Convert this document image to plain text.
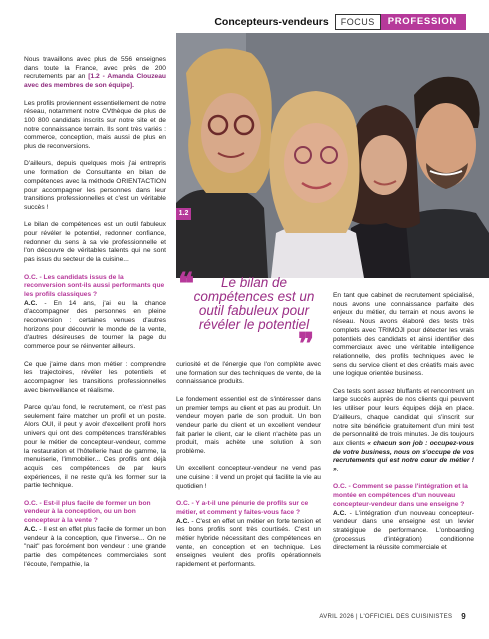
Concepteurs-vendeurs	FOCUS	PROFESSION
1.2
❝	Le bilan de compétences est un outil fabuleux pour révéler le potentiel
❞

Nous travaillons avec plus de 556 enseignes dans toute la France, avec près de 200 recrutements par an [1.2 - Amanda Clouzeau avec des membres de son équipe].

Les profils proviennent essentiellement de notre réseau, notamment notre CVthèque de plus de 100 800 candidats inscrits sur notre site et de notre connaissance terrain. Ils sont très variés : commerce, conception, mais aussi de plus en plus de reconversions.

D'ailleurs, depuis quelques mois j'ai entrepris une formation de Consultante en bilan de compétences avec la méthode ORIENTACTION pour accompagner les personnes dans leur transitions professionnelles et c'est un véritable succès !

Le bilan de compétences est un outil fabuleux pour révéler le potentiel, redonner confiance, redonner du sens à sa vie professionnelle et l'on découvre de véritables talents qui ne sont pas issus du secteur de la cuisine...

O.C. - Les candidats issus de la reconversion sont-ils aussi performants que les profils classiques ?

A.C. - En 14 ans, j'ai eu la chance d'accompagner des personnes en pleine reconversion : certaines venues d'autres horizons pour découvrir le monde de la vente, d'autres désireuses de tourner la page du commerce pour se réinventer ailleurs.

Ce que j'aime dans mon métier : comprendre les trajectoires, révéler les potentiels et accompagner les transitions professionnelles avec bienveillance et réalisme.

Parce qu'au fond, le recrutement, ce n'est pas seulement faire matcher un profil et un poste. Alors OUI, il peut y avoir d'excellent profil hors univers qui ont des compétences transférables pour le métier de concepteur-vendeur, comme la restauration et l'hôtellerie haut de gamme, la menuiserie, l'immobilier... Ces profils ont déjà acquis ces compétences de par leurs expériences, il ne reste qu'à les former sur la partie technique.

O.C. - Est-il plus facile de former un bon vendeur à la conception, ou un bon concepteur à la vente ?

A.C. - Il est en effet plus facile de former un bon vendeur à la conception, que l'inverse... On ne "nait" pas forcément bon vendeur : une grande partie des compétences commerciales sont l'écoute, l'empathie, la

curiosité et de l'énergie que l'on complète avec une formation sur des techniques de vente, de la connaissance produits.

Le fondement essentiel est de s'intéresser dans un premier temps au client et pas au produit. Un vendeur moyen parle de son produit. Un bon vendeur parle du client et un excellent vendeur fait parler le client, car le client n'achète pas un produit, mais achète une solution à son problème.

Un excellent concepteur-vendeur ne vend pas une cuisine : il vend un projet qui facilite la vie au quotidien !

O.C. - Y a-t-il une pénurie de profils sur ce métier, et comment y faites-vous face ?

A.C. - C'est en effet un métier en forte tension et les bons profils sont très courtisés. C'est un métier hybride nécessitant des compétences en vente, en conception et en technique. Les enseignes veulent des profils opérationnels rapidement et performants.

En tant que cabinet de recrutement spécialisé, nous avons une connaissance parfaite des enjeux du métier, du terrain et nous avons le réseau. Nous avons élaboré des tests très complets avec TRIMOJI pour détecter les vrais potentiels des candidats et ainsi identifier des commerciaux avec une véritable intelligence relationnelle, des profils techniques avec le sens du service client et des créatifs mais avec une logique orientée business.

Ces tests sont assez bluffants et rencontrent un large succès auprès de nos clients qui peuvent les utiliser pour leurs équipes déjà en place. D'ailleurs, chaque candidat qui s'inscrit sur notre site bénéficie gratuitement d'un mini test de personnalité de trois minutes. Je dis toujours aux clients « chacun son job : occupez-vous de votre business, nous on s'occupe de vos recrutements qui est notre cœur de métier ! ».

O.C. - Comment se passe l'intégration et la montée en compétences d'un nouveau concepteur-vendeur dans une enseigne ?

A.C. - L'intégration d'un nouveau concepteur-vendeur dans une enseigne est un levier stratégique de performance. L'onboarding (processus d'intégration) conditionne directement la réussite commerciale et

AVRIL 2026 | L'OFFICIEL DES CUISINISTES 9
